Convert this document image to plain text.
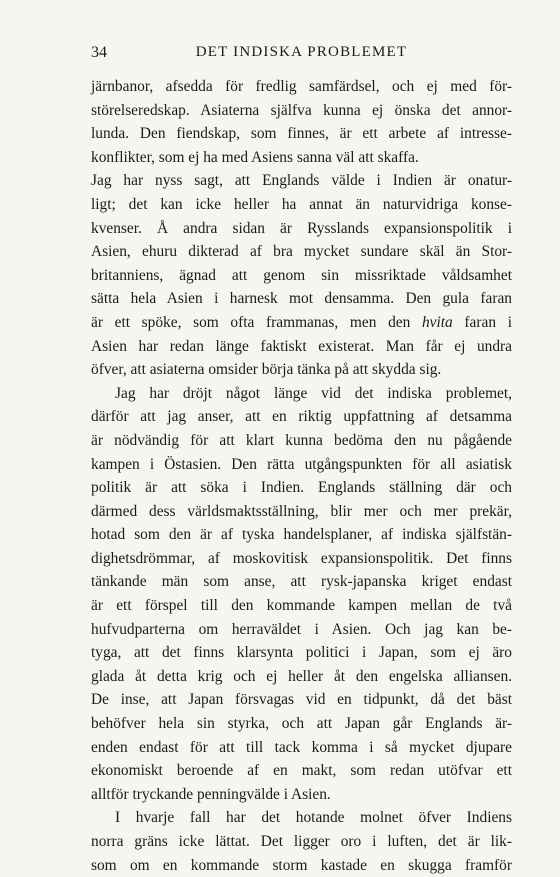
34	DET INDISKA PROBLEMET
järnbanor, afsedda för fredlig samfärdsel, och ej med för-
störelseredskap. Asiaterna själfva kunna ej önska det annor-
lunda. Den fiendskap, som finnes, är ett arbete af intresse-
konflikter, som ej ha med Asiens sanna väl att skaffa.
Jag har nyss sagt, att Englands välde i Indien är onatur-
ligt; det kan icke heller ha annat än naturvidriga konse-
kvenser. Å andra sidan är Rysslands expansionspolitik i
Asien, ehuru dikterad af bra mycket sundare skäl än Stor-
britanniens, ägnad att genom sin missriktade våldsamhet
sätta hela Asien i harnesk mot densamma. Den gula faran
är ett spöke, som ofta frammanas, men den hvita faran i
Asien har redan länge faktiskt existerat. Man får ej undra
öfver, att asiaterna omsider börja tänka på att skydda sig.
Jag har dröjt något länge vid det indiska problemet,
därför att jag anser, att en riktig uppfattning af detsamma
är nödvändig för att klart kunna bedöma den nu pågående
kampen i Östasien. Den rätta utgångspunkten för all asiatisk
politik är att söka i Indien. Englands ställning där och
därmed dess världsmaktsställning, blir mer och mer prekär,
hotad som den är af tyska handelsplaner, af indiska själfstän-
dighetsdrömmar, af moskovitisk expansionspolitik. Det finns
tänkande män som anse, att rysk-japanska kriget endast
är ett förspel till den kommande kampen mellan de två
hufvudparterna om herraväldet i Asien. Och jag kan be-
tyga, att det finns klarsynta politici i Japan, som ej äro
glada åt detta krig och ej heller åt den engelska alliansen.
De inse, att Japan försvagas vid en tidpunkt, då det bäst
behöfver hela sin styrka, och att Japan går Englands är-
enden endast för att till tack komma i så mycket djupare
ekonomiskt beroende af en makt, som redan utöfvar ett
alltför tryckande penningvälde i Asien.
I hvarje fall har det hotande molnet öfver Indiens
norra gräns icke lättat. Det ligger oro i luften, det är lik-
som om en kommande storm kastade en skugga framför
